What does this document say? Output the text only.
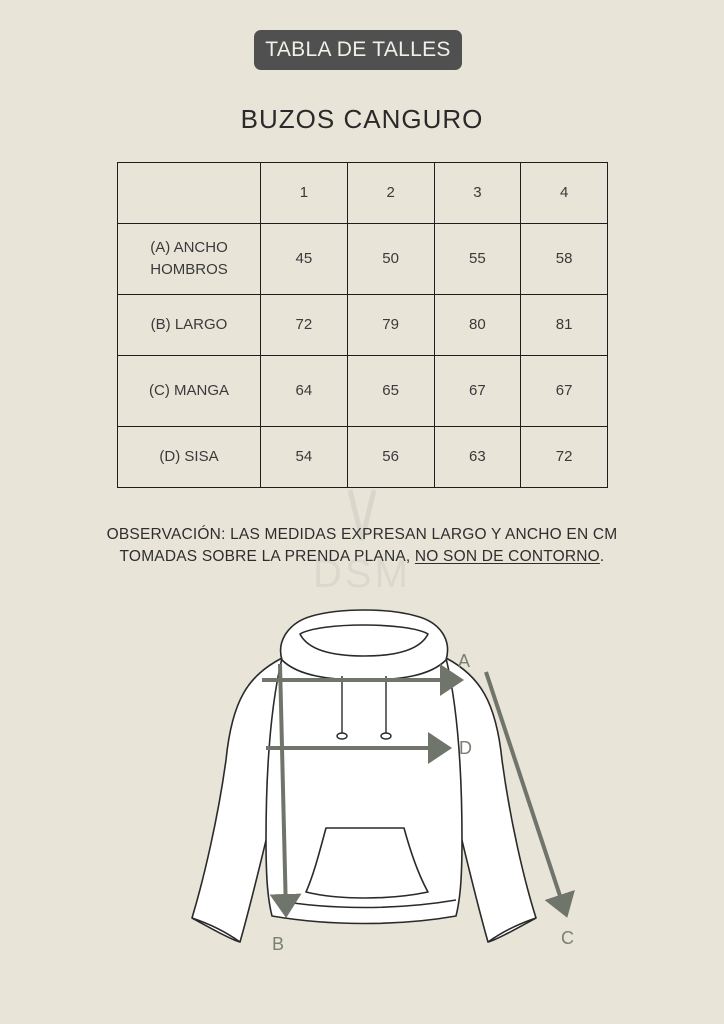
TABLA DE TALLES
BUZOS CANGURO
	1	2	3	4
(A) ANCHO
HOMBROS	45	50	55	58
(B) LARGO	72	79	80	81
(C) MANGA	64	65	67	67
(D) SISA	54	56	63	72
DSM
OBSERVACIÓN: LAS MEDIDAS EXPRESAN LARGO Y ANCHO EN CM
TOMADAS SOBRE LA PRENDA PLANA, NO SON DE CONTORNO.
A
D
B	C
